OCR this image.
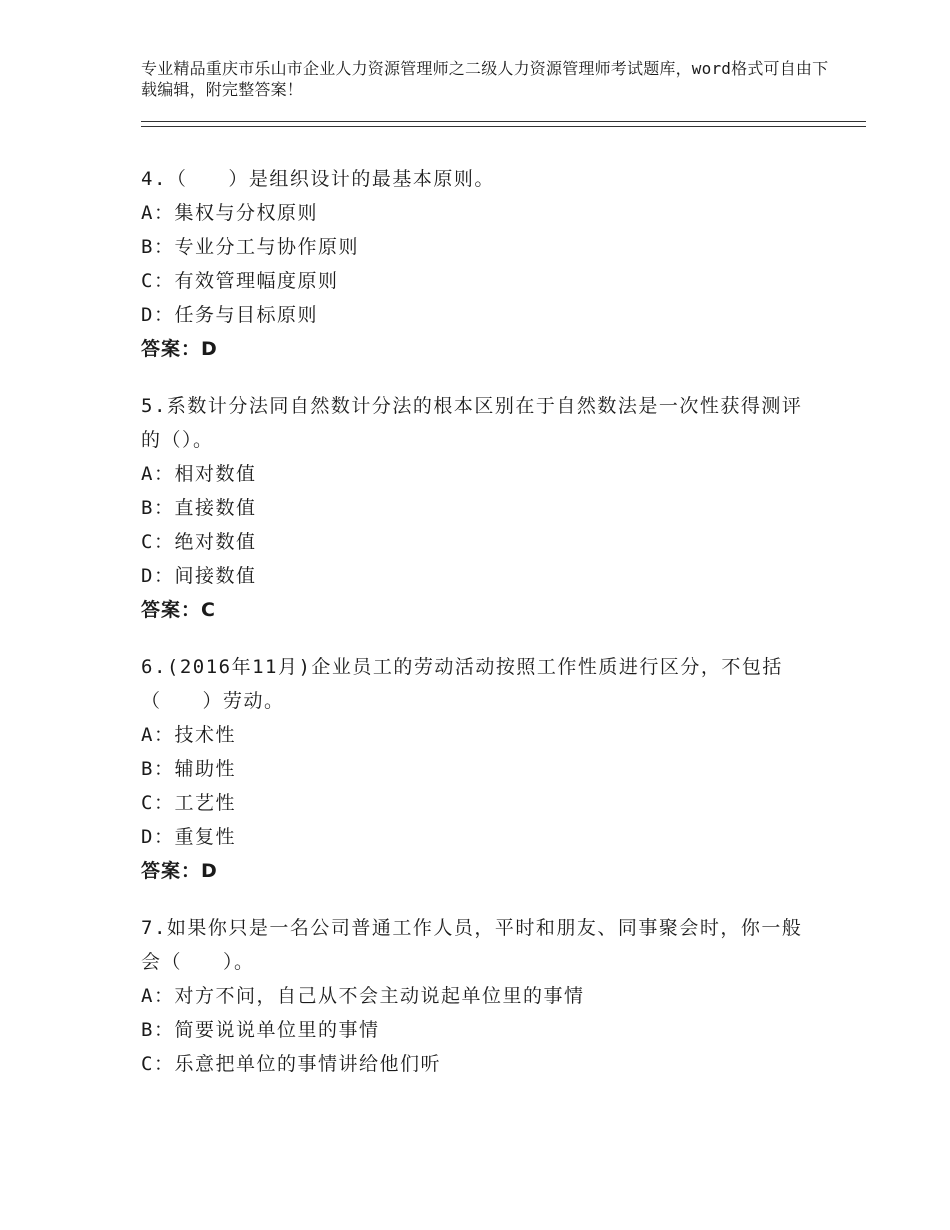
专业精品重庆市乐山市企业人力资源管理师之二级人力资源管理师考试题库，word格式可自由下载编辑，附完整答案！
4.（　　）是组织设计的最基本原则。
A：集权与分权原则
B：专业分工与协作原则
C：有效管理幅度原则
D：任务与目标原则
答案：D
5.系数计分法同自然数计分法的根本区别在于自然数法是一次性获得测评的（）。
A：相对数值
B：直接数值
C：绝对数值
D：间接数值
答案：C
6.(2016年11月)企业员工的劳动活动按照工作性质进行区分，不包括（　　）劳动。
A：技术性
B：辅助性
C：工艺性
D：重复性
答案：D
7.如果你只是一名公司普通工作人员，平时和朋友、同事聚会时，你一般会（　　）。
A：对方不问，自己从不会主动说起单位里的事情
B：简要说说单位里的事情
C：乐意把单位的事情讲给他们听
